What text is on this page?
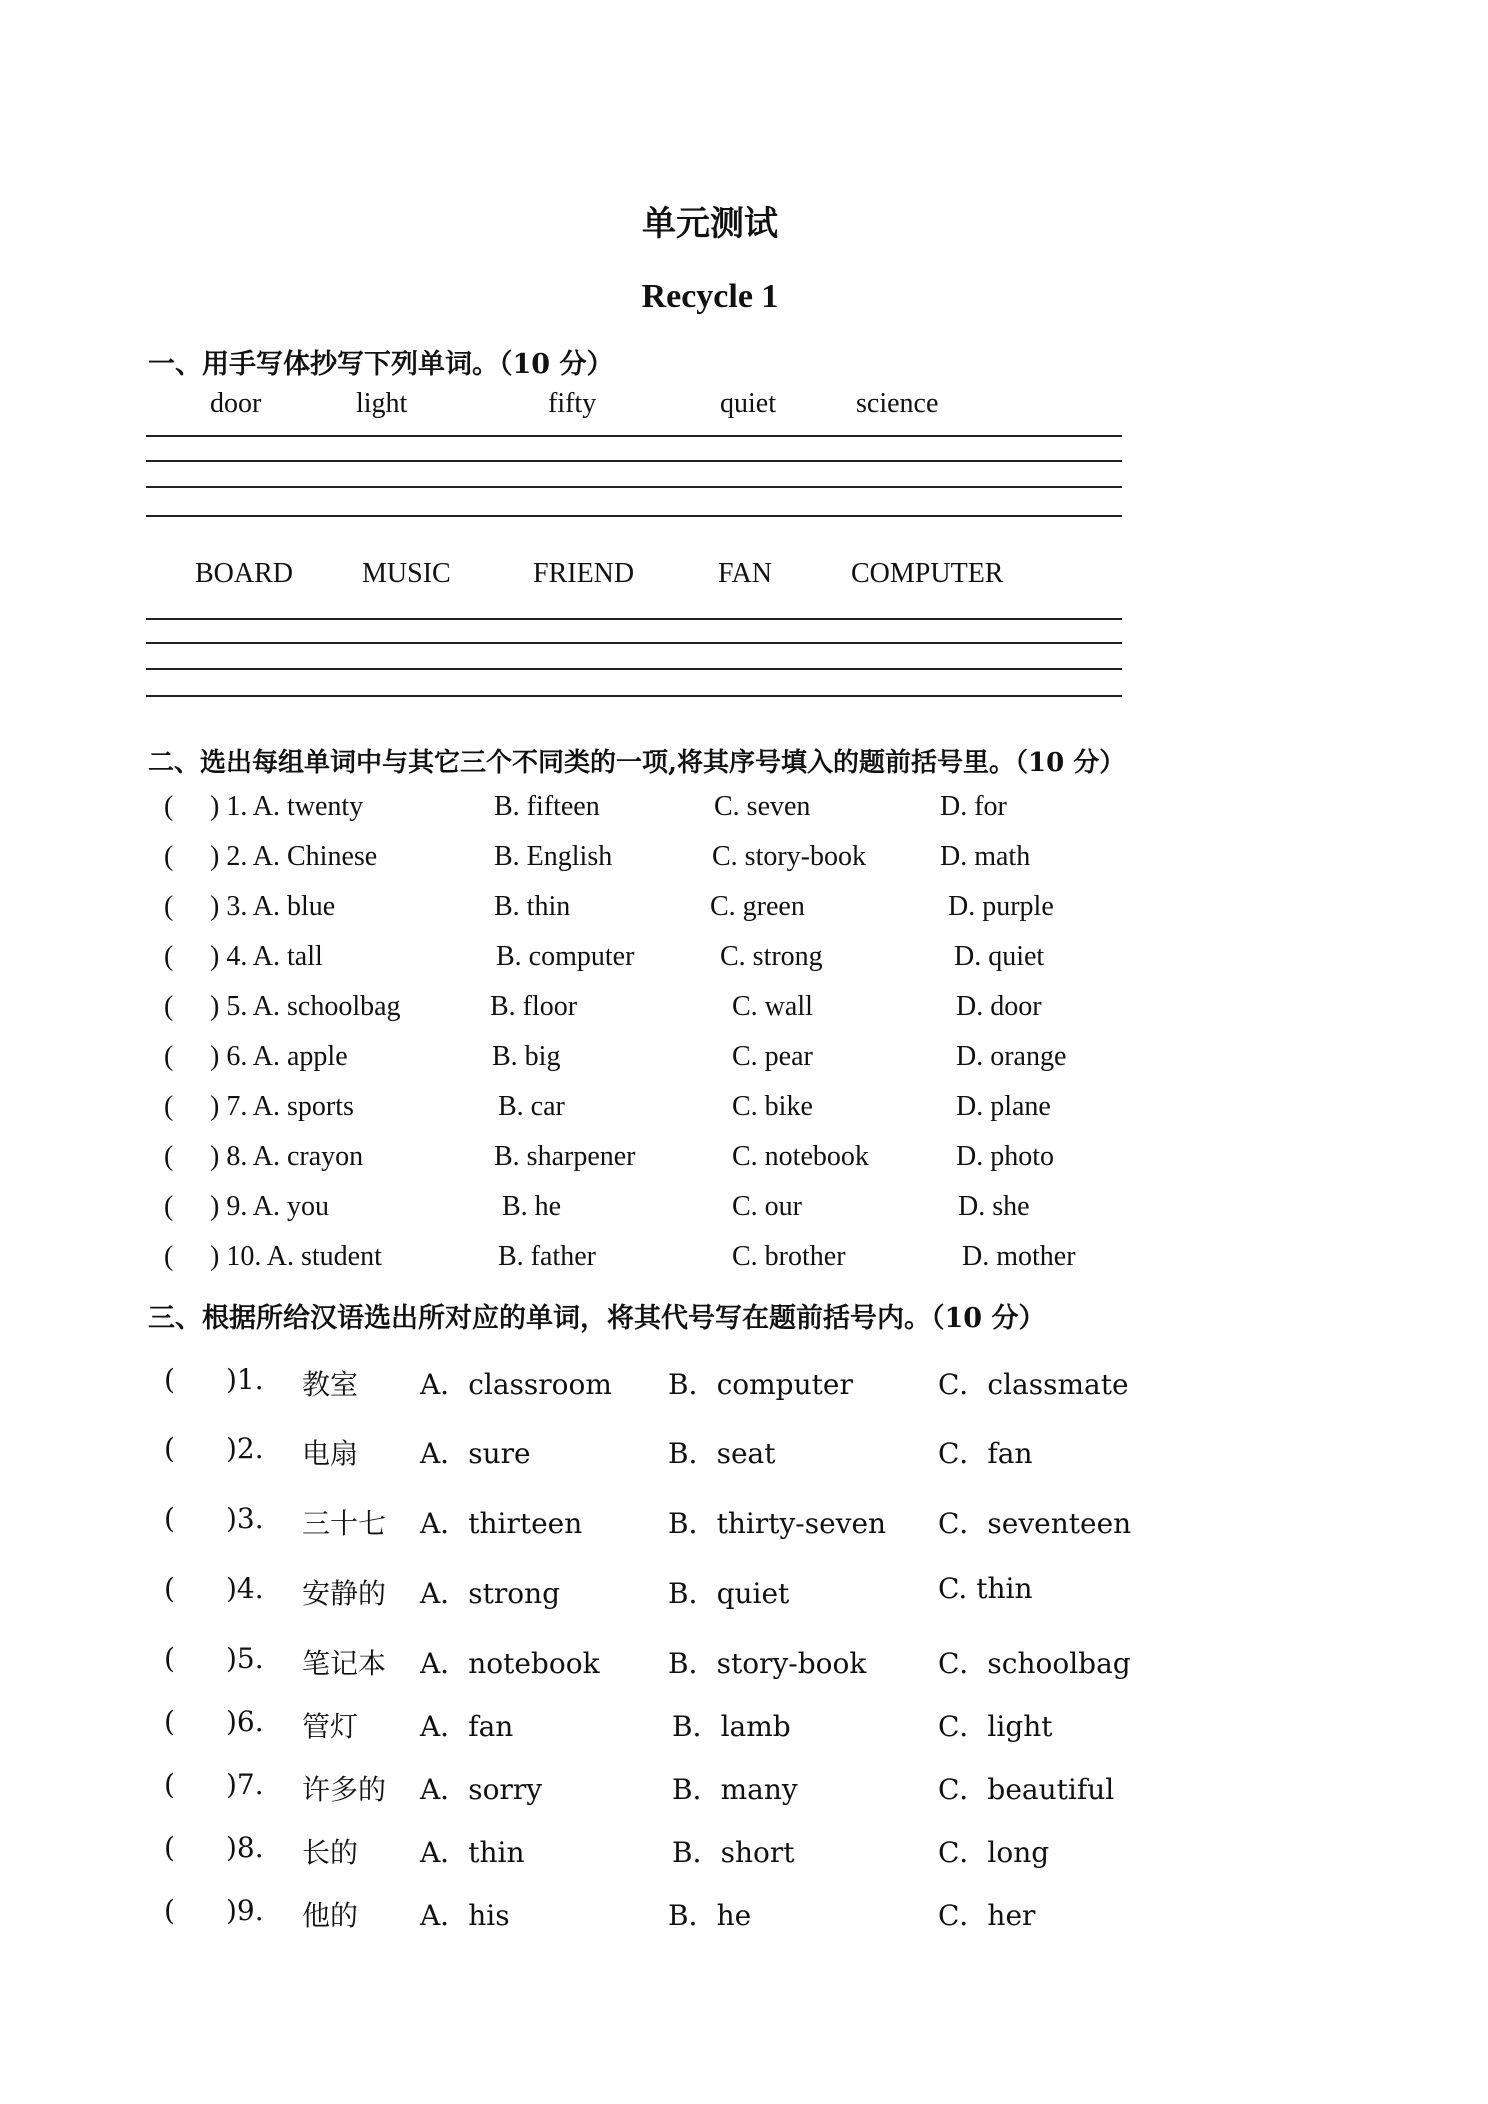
单元测试
Recycle 1
一、用手写体抄写下列单词。（10 分）
door	light	fifty	quiet	science
BOARD MUSIC	FRIEND	FAN	COMPUTER
二、选出每组单词中与其它三个不同类的一项,将其序号填入的题前括号里。（10 分）
( ) 1. A. twenty	B. fifteen	C. seven	D. for
( ) 2. A. Chinese	B. English	C. story-book	D. math
( ) 3. A. blue	B. thin	C. green	D. purple
( ) 4. A. tall	B. computer	C. strong	D. quiet
( ) 5. A. schoolbag	B. floor	C. wall	D. door
( ) 6. A. apple	B. big	C. pear	D. orange
( ) 7. A. sports	B. car	C. bike	D. plane
( ) 8. A. crayon	B. sharpener	C. notebook	D. photo
( ) 9. A. you	B. he	C. our	D. she
( ) 10. A. student	B. father	C. brother	D. mother
三、根据所给汉语选出所对应的单词，将其代号写在题前括号内。（10 分）
( )1. 教室 A．classroom B．computer	C．classmate
( )2. 电扇 A．sure	B．seat	C．fan
( )3. 三十七 A．thirteen	B．thirty-seven C．seventeen
( )4. 安静的 A．strong	B．quiet	C. thin
( )5. 笔记本 A．notebook B．story-book	C．schoolbag
( )6. 管灯 A．fan	B．lamb	C．light
( )7. 许多的 A．sorry	B．many	C．beautiful
( )8. 长的 A．thin	B．short	C．long
( )9. 他的 A．his	B．he	C．her
